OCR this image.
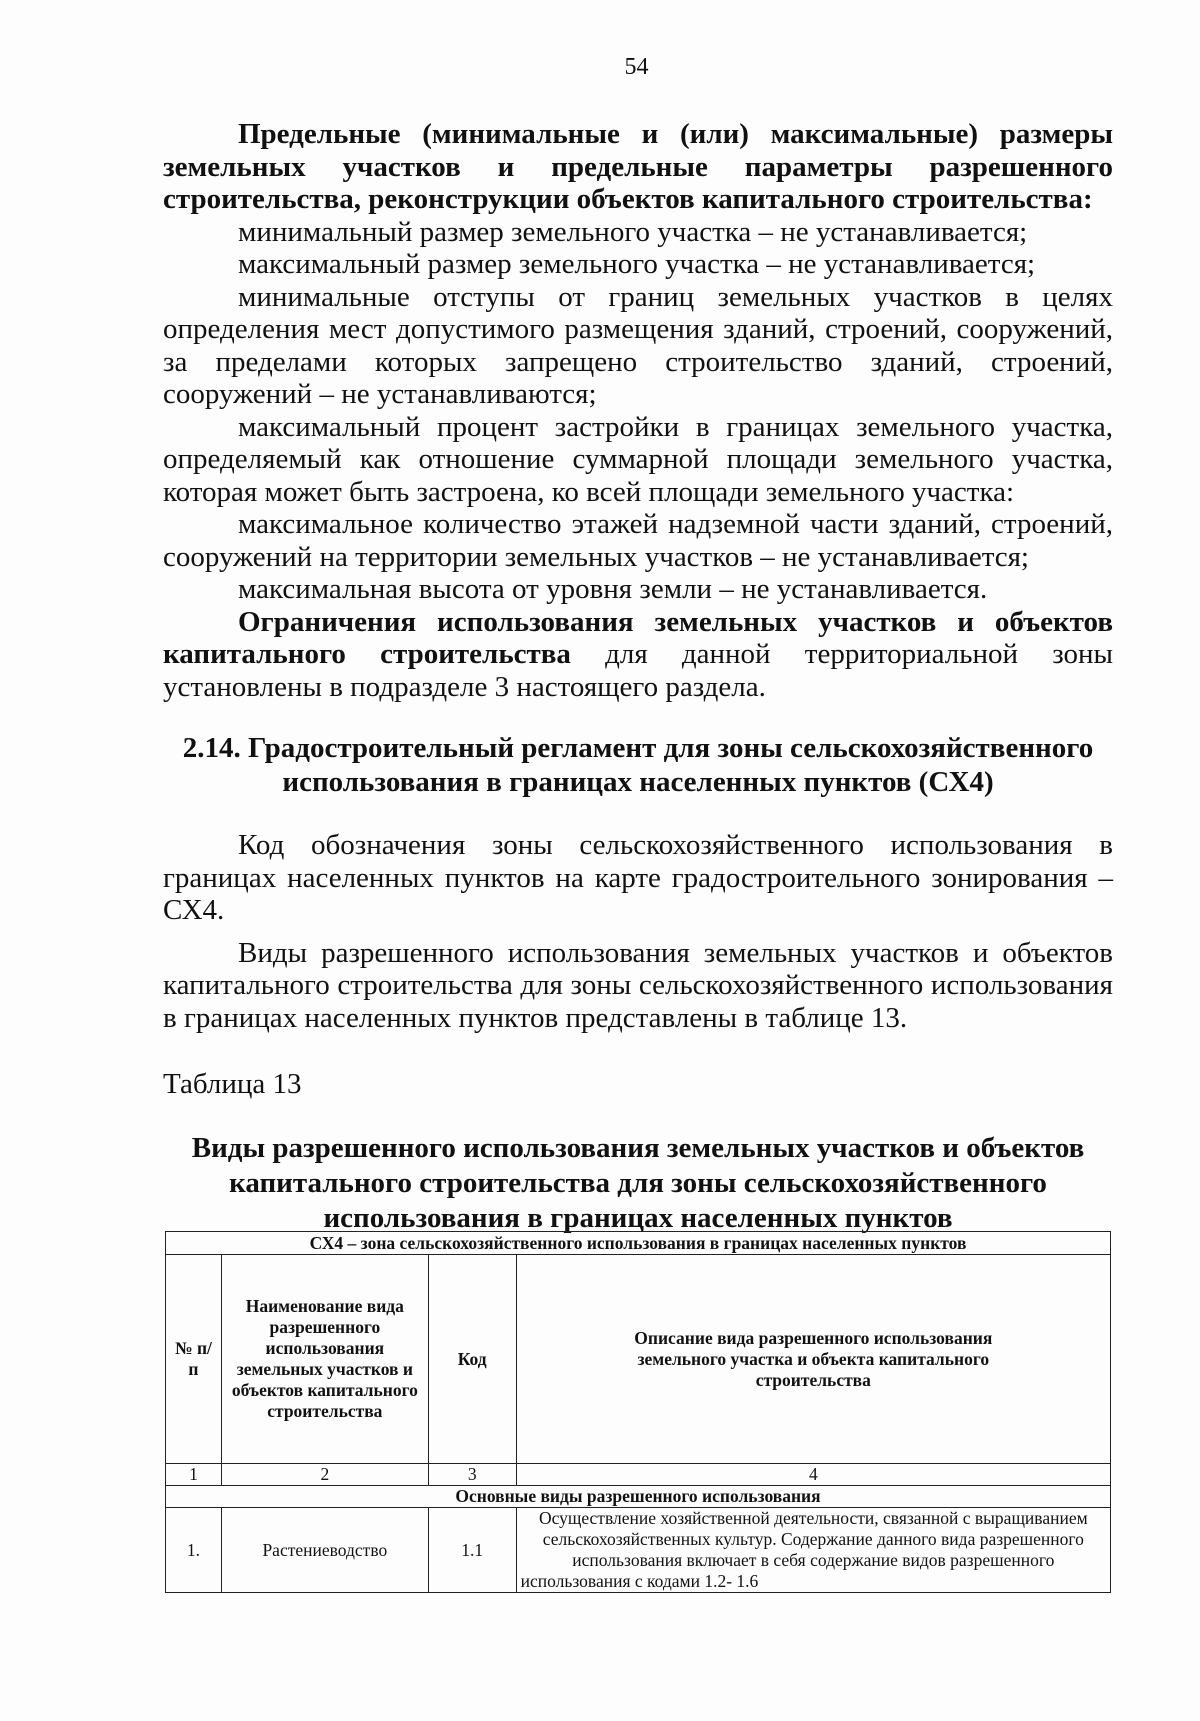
54

Предельные (минимальные и (или) максимальные) размеры земельных участков и предельные параметры разрешенного строительства, реконструкции объектов капитального строительства:

минимальный размер земельного участка – не устанавливается;

максимальный размер земельного участка – не устанавливается;

минимальные отступы от границ земельных участков в целях определения мест допустимого размещения зданий, строений, сооружений, за пределами которых запрещено строительство зданий, строений, сооружений – не устанавливаются;

максимальный процент застройки в границах земельного участка, определяемый как отношение суммарной площади земельного участка, которая может быть застроена, ко всей площади земельного участка:

максимальное количество этажей надземной части зданий, строений, сооружений на территории земельных участков – не устанавливается;

максимальная высота от уровня земли – не устанавливается.

Ограничения использования земельных участков и объектов капитального строительства для данной территориальной зоны установлены в подразделе 3 настоящего раздела.

2.14. Градостроительный регламент для зоны сельскохозяйственного
использования в границах населенных пунктов (СХ4)

Код обозначения зоны сельскохозяйственного использования в границах населенных пунктов на карте градостроительного зонирования – СХ4.

Виды разрешенного использования земельных участков и объектов капитального строительства для зоны сельскохозяйственного использования в границах населенных пунктов представлены в таблице 13.

Таблица 13

Виды разрешенного использования земельных участков и объектов
капитального строительства для зоны сельскохозяйственного
использования в границах населенных пунктов
СХ4 – зона сельскохозяйственного использования в границах населенных пунктов			
№ п/п	Наименование вида разрешенного использования земельных участков и объектов капитального строительства	Код	Описание вида разрешенного использования земельного участка и объекта капитального строительства
1	2	3	4
Основные виды разрешенного использования			
1.	Растениеводство	1.1	Осуществление хозяйственной деятельности, связанной с выращиванием сельскохозяйственных культур. Содержание данного вида разрешенного использования включает в себя содержание видов разрешенного использования с кодами 1.2- 1.6
